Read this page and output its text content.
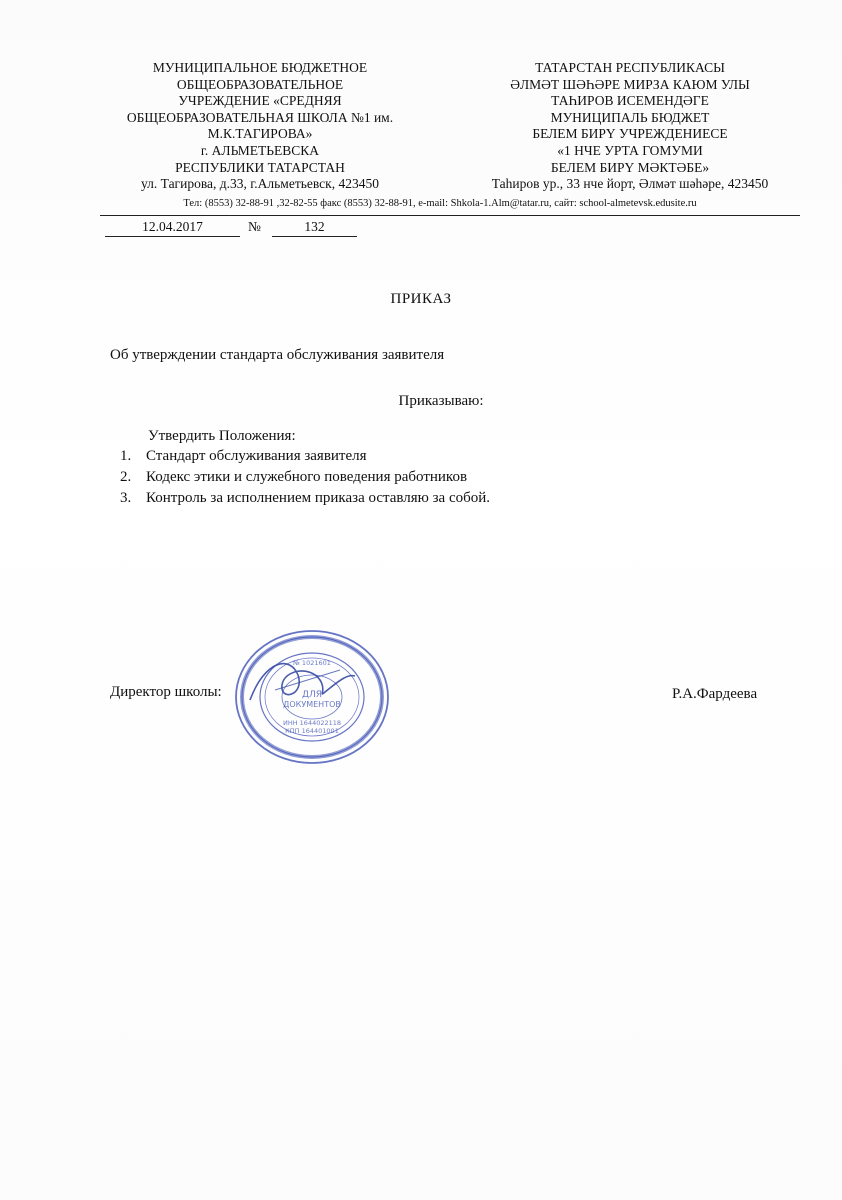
МУНИЦИПАЛЬНОЕ БЮДЖЕТНОЕ
ОБЩЕОБРАЗОВАТЕЛЬНОЕ
УЧРЕЖДЕНИЕ «СРЕДНЯЯ
ОБЩЕОБРАЗОВАТЕЛЬНАЯ ШКОЛА №1 им.
М.К.ТАГИРОВА»
г. АЛЬМЕТЬЕВСКА
РЕСПУБЛИКИ ТАТАРСТАН
ул. Тагирова, д.33, г.Альметьевск, 423450
ТАТАРСТАН РЕСПУБЛИКАСЫ
ӘЛМӘТ ШӘҺӘРЕ МИРЗА КАЮМ УЛЫ
ТАҺИРОВ ИСЕМЕНДӘГЕ
МУНИЦИПАЛЬ БЮДЖЕТ
БЕЛЕМ БИРҮ УЧРЕЖДЕНИЕСЕ
«1 НЧЕ УРТА ГОМУМИ
БЕЛЕМ БИРҮ МӘКТӘБЕ»
Таһиров ур., 33 нче йорт, Әлмәт шәһәре, 423450
Тел: (8553) 32-88-91 ,32-82-55 факс (8553) 32-88-91, e-mail: Shkola-1.Alm@tatar.ru, сайт: school-almetevsk.edusite.ru
12.04.2017	№	132
ПРИКАЗ
Об утверждении стандарта обслуживания заявителя
Приказываю:
Утвердить Положения:
1. Стандарт обслуживания заявителя
2. Кодекс этики и служебного поведения работников
3. Контроль за исполнением приказа оставляю за собой.
№ 1021601
ДЛЯ
ДОКУМЕНТОВ
ИНН 1644022118
КПП 164401001
Директор школы:	Р.А.Фардеева
